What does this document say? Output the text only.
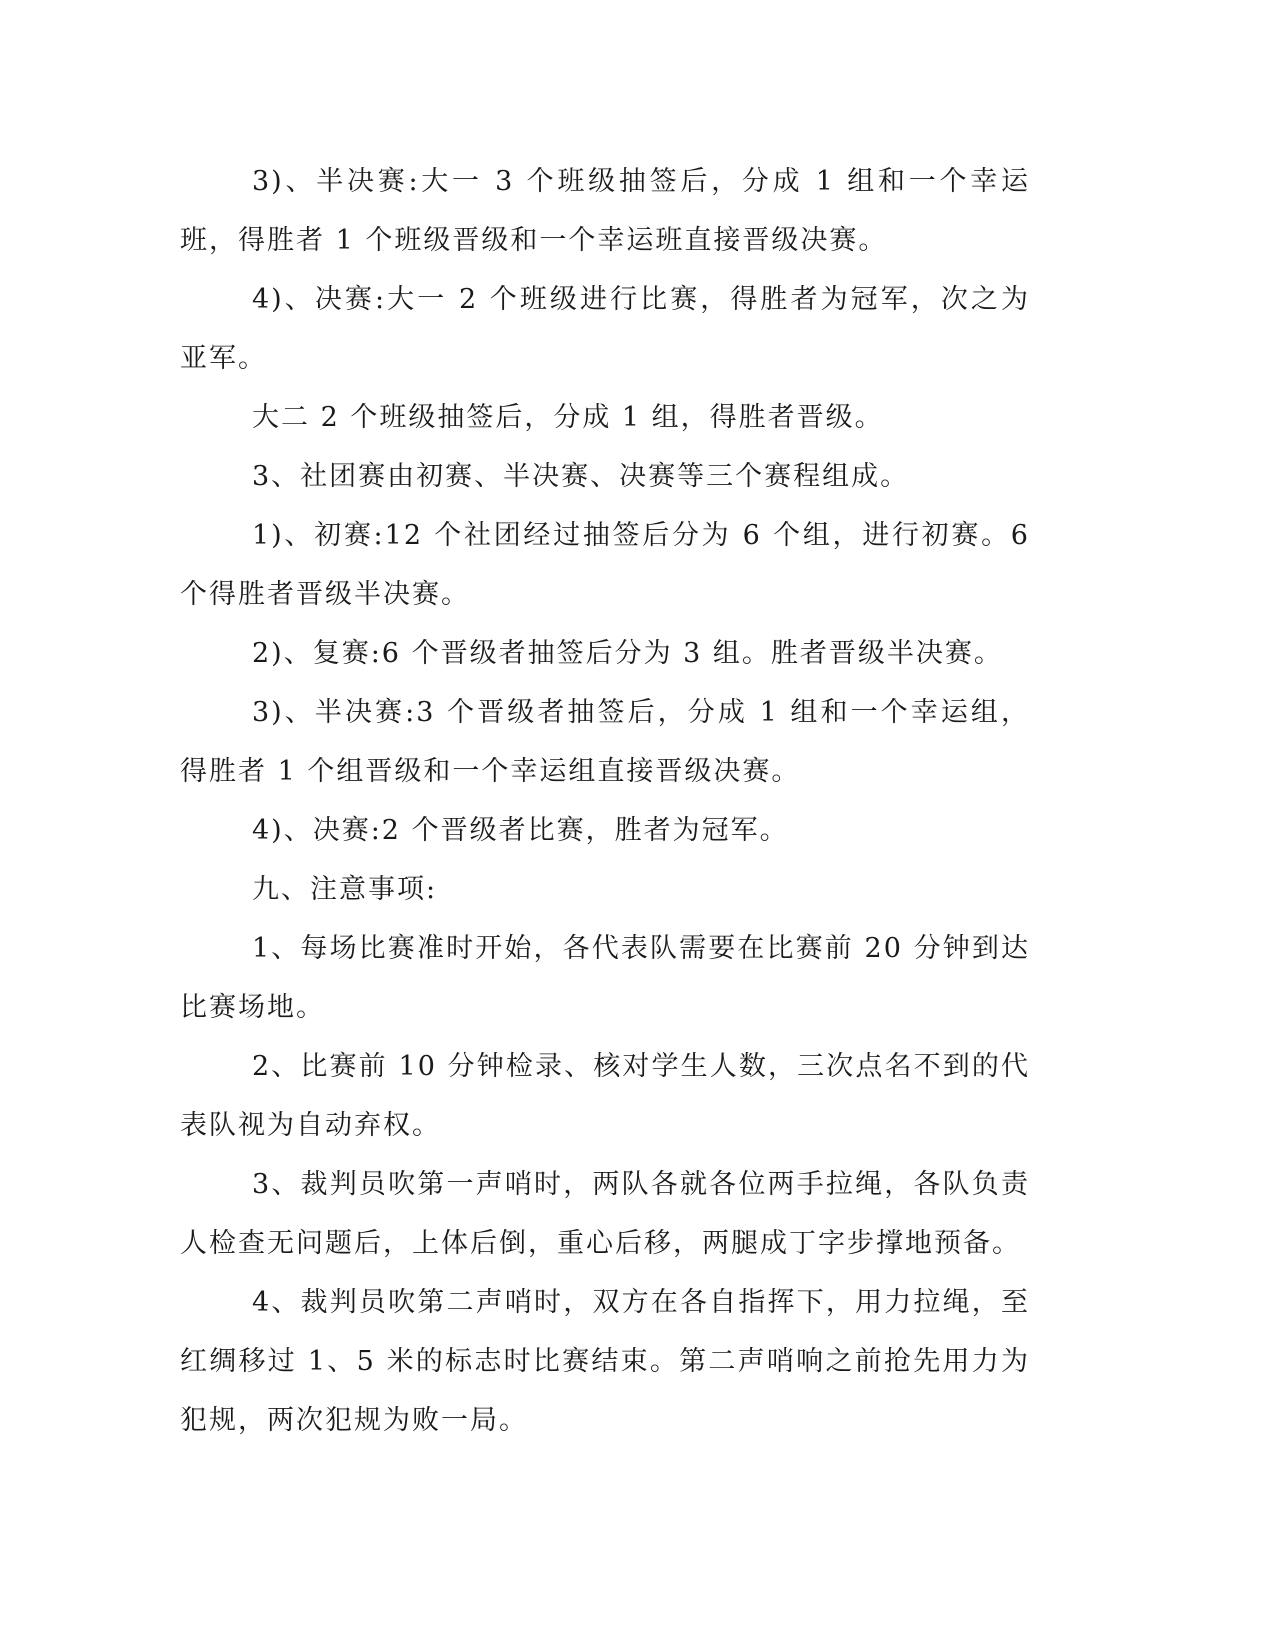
3)、半决赛:大一 3 个班级抽签后，分成 1 组和一个幸运班，得胜者 1 个班级晋级和一个幸运班直接晋级决赛。

4)、决赛:大一 2 个班级进行比赛，得胜者为冠军，次之为亚军。

大二 2 个班级抽签后，分成 1 组，得胜者晋级。

3、社团赛由初赛、半决赛、决赛等三个赛程组成。

1)、初赛:12 个社团经过抽签后分为 6 个组，进行初赛。6 个得胜者晋级半决赛。

2)、复赛:6 个晋级者抽签后分为 3 组。胜者晋级半决赛。

3)、半决赛:3 个晋级者抽签后，分成 1 组和一个幸运组，得胜者 1 个组晋级和一个幸运组直接晋级决赛。

4)、决赛:2 个晋级者比赛，胜者为冠军。

九、注意事项:

1、每场比赛准时开始，各代表队需要在比赛前 20 分钟到达比赛场地。

2、比赛前 10 分钟检录、核对学生人数，三次点名不到的代表队视为自动弃权。

3、裁判员吹第一声哨时，两队各就各位两手拉绳，各队负责人检查无问题后，上体后倒，重心后移，两腿成丁字步撑地预备。

4、裁判员吹第二声哨时，双方在各自指挥下，用力拉绳，至红绸移过 1、5 米的标志时比赛结束。第二声哨响之前抢先用力为犯规，两次犯规为败一局。
